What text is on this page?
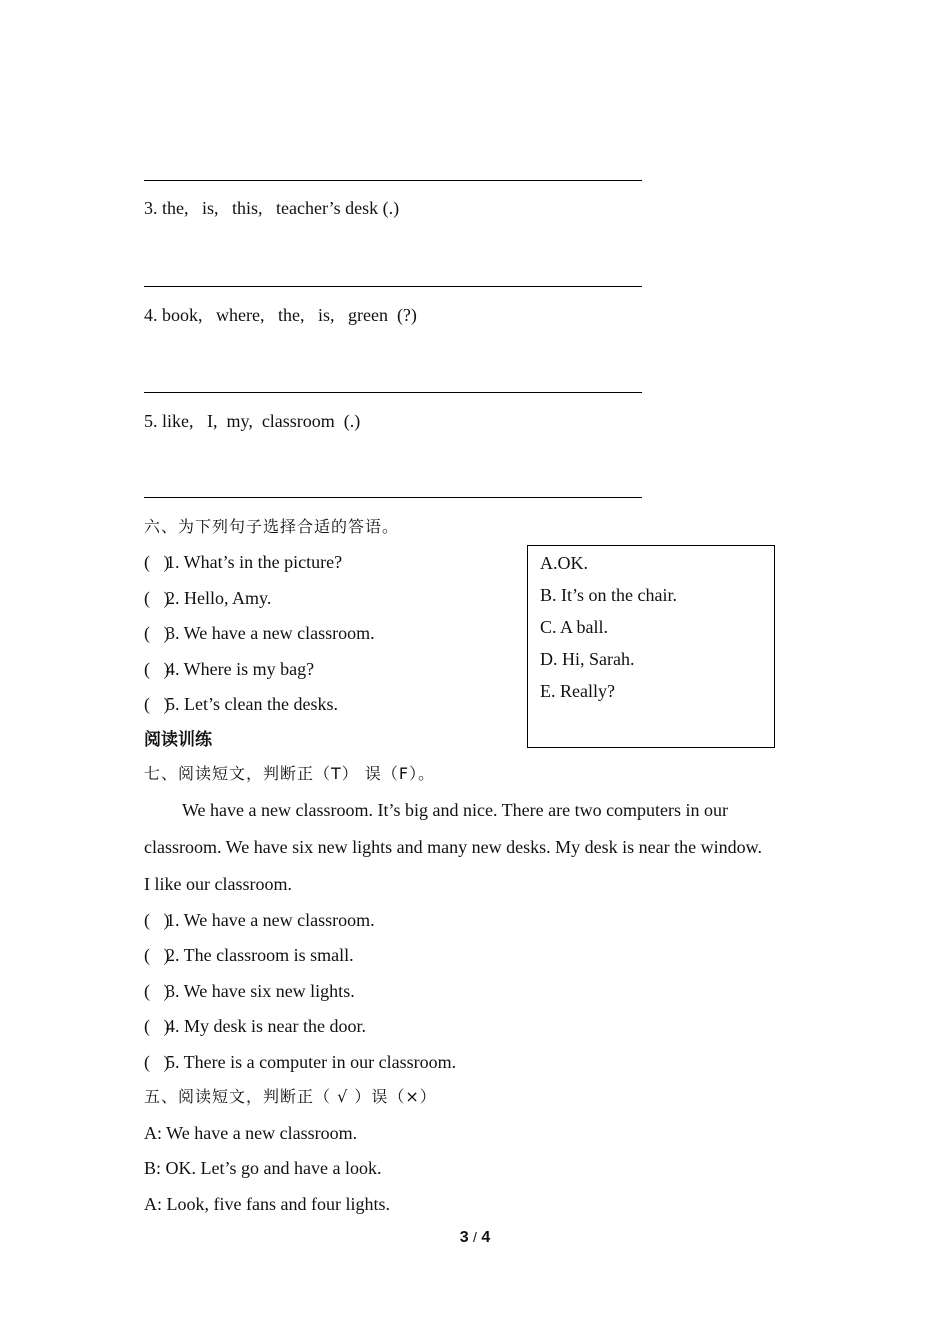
3. the,   is,   this,   teacher’s desk (.)
4. book,   where,   the,   is,   green  (?)
5. like,   I,  my,  classroom  (.)
六、为下列句子选择合适的答语。
(   )1. What’s in the picture?
(   )2. Hello, Amy.
(   )3. We have a new classroom.
(   )4. Where is my bag?
(   )5. Let’s clean the desks.
A.OK.
B. It’s on the chair.
C. A ball.
D. Hi, Sarah.
E. Really?
阅读训练
七、阅读短文，判断正（T） 误（F）。
We have a new classroom. It’s big and nice. There are two computers in our
classroom. We have six new lights and many new desks. My desk is near the window.
I like our classroom.
(   )1. We have a new classroom.
(   )2. The classroom is small.
(   )3. We have six new lights.
(   )4. My desk is near the door.
(   )5. There is a computer in our classroom.
五、阅读短文，判断正（ √ ）误（×）
A: We have a new classroom.
B: OK. Let’s go and have a look.
A: Look, five fans and four lights.
3 / 4
